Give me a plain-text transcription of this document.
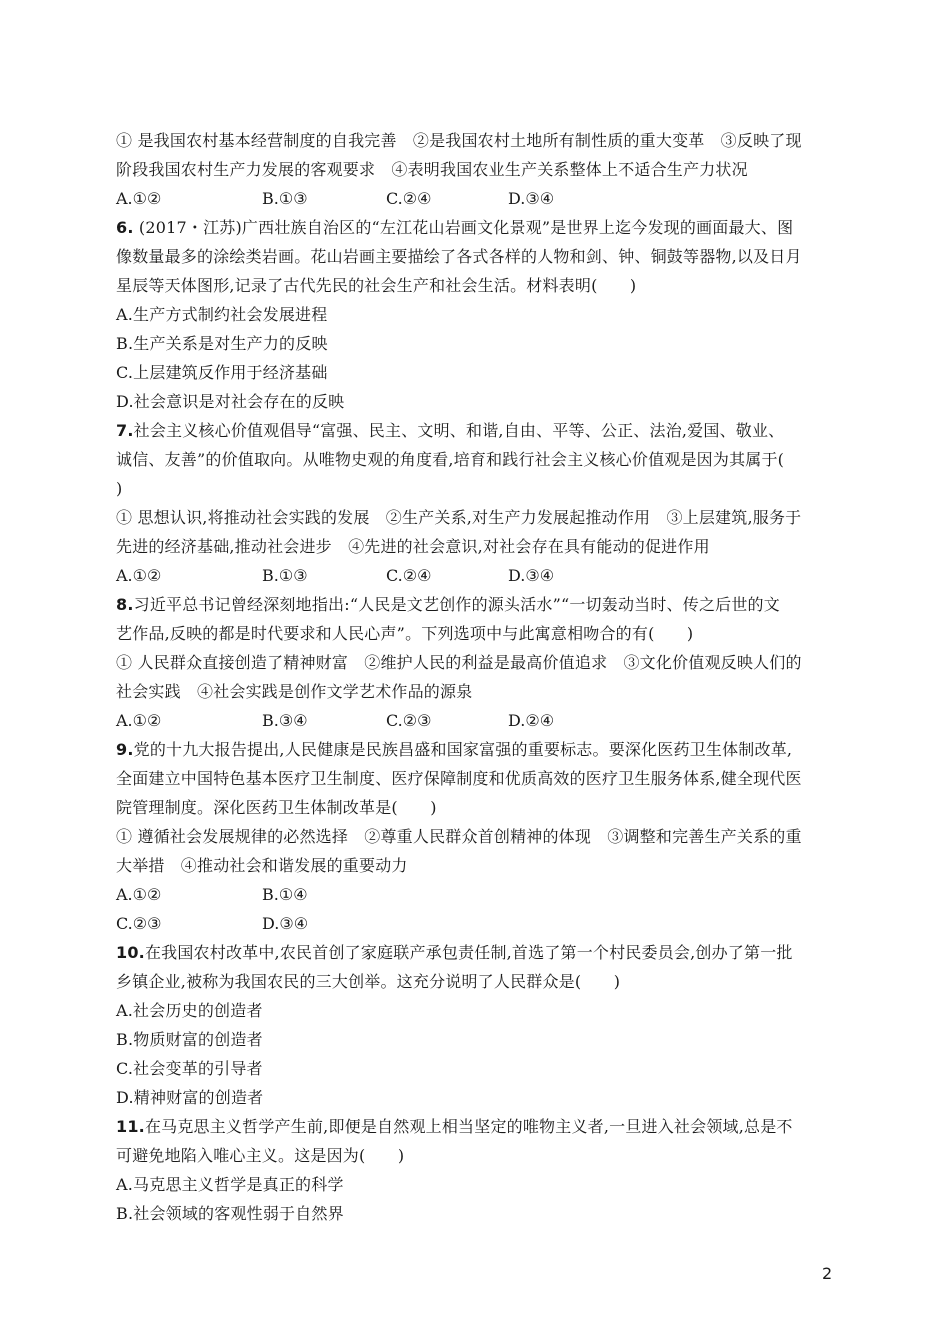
① 是我国农村基本经营制度的自我完善　②是我国农村土地所有制性质的重大变革　③反映了现
阶段我国农村生产力发展的客观要求　④表明我国农业生产关系整体上不适合生产力状况
A.①②	B.①③	C.②④	D.③④
6. (2017・江苏)广西壮族自治区的“左江花山岩画文化景观”是世界上迄今发现的画面最大、图
像数量最多的涂绘类岩画。花山岩画主要描绘了各式各样的人物和剑、钟、铜鼓等器物,以及日月
星辰等天体图形,记录了古代先民的社会生产和社会生活。材料表明(　　)
A.生产方式制约社会发展进程
B.生产关系是对生产力的反映
C.上层建筑反作用于经济基础
D.社会意识是对社会存在的反映
7.社会主义核心价值观倡导“富强、民主、文明、和谐,自由、平等、公正、法治,爱国、敬业、
诚信、友善”的价值取向。从唯物史观的角度看,培育和践行社会主义核心价值观是因为其属于(
)
① 思想认识,将推动社会实践的发展　②生产关系,对生产力发展起推动作用　③上层建筑,服务于
先进的经济基础,推动社会进步　④先进的社会意识,对社会存在具有能动的促进作用
A.①②	B.①③	C.②④	D.③④
8.习近平总书记曾经深刻地指出:“人民是文艺创作的源头活水”“一切轰动当时、传之后世的文
艺作品,反映的都是时代要求和人民心声”。下列选项中与此寓意相吻合的有(　　)
① 人民群众直接创造了精神财富　②维护人民的利益是最高价值追求　③文化价值观反映人们的
社会实践　④社会实践是创作文学艺术作品的源泉
A.①②	B.③④	C.②③	D.②④
9.党的十九大报告提出,人民健康是民族昌盛和国家富强的重要标志。要深化医药卫生体制改革,
全面建立中国特色基本医疗卫生制度、医疗保障制度和优质高效的医疗卫生服务体系,健全现代医
院管理制度。深化医药卫生体制改革是(　　)
① 遵循社会发展规律的必然选择　②尊重人民群众首创精神的体现　③调整和完善生产关系的重
大举措　④推动社会和谐发展的重要动力
A.①②	B.①④
C.②③	D.③④
10.在我国农村改革中,农民首创了家庭联产承包责任制,首选了第一个村民委员会,创办了第一批
乡镇企业,被称为我国农民的三大创举。这充分说明了人民群众是(　　)
A.社会历史的创造者
B.物质财富的创造者
C.社会变革的引导者
D.精神财富的创造者
11.在马克思主义哲学产生前,即便是自然观上相当坚定的唯物主义者,一旦进入社会领域,总是不
可避免地陷入唯心主义。这是因为(　　)
A.马克思主义哲学是真正的科学
B.社会领域的客观性弱于自然界
2
